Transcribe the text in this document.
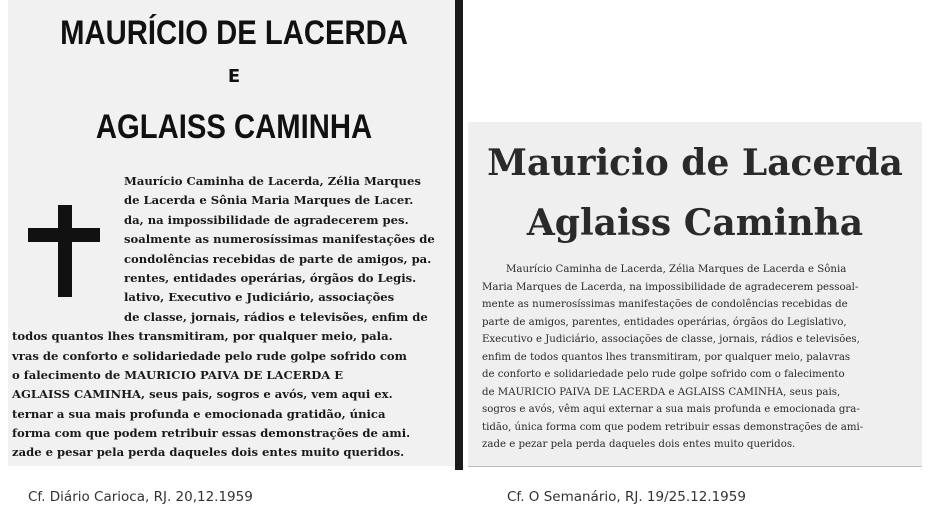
MAURÍCIO DE LACERDA
E
AGLAISS CAMINHA
Maurício Caminha de Lacerda, Zélia Marques
de Lacerda e Sônia Maria Marques de Lacer.
da, na impossibilidade de agradecerem pes.
soalmente as numerosíssimas manifestações de
condolências recebidas de parte de amigos, pa.
rentes, entidades operárias, órgãos do Legis.
lativo, Executivo e Judiciário, associações
de classe, jornais, rádios e televisões, enfim de
todos quantos lhes transmitiram, por qualquer meio, pala.
vras de conforto e solidariedade pelo rude golpe sofrido com
o falecimento de MAURICIO PAIVA DE LACERDA E
AGLAISS CAMINHA, seus pais, sogros e avós, vem aqui ex.
ternar a sua mais profunda e emocionada gratidão, única
forma com que podem retribuir essas demonstrações de ami.
zade e pesar pela perda daqueles dois entes muito queridos.
Mauricio de Lacerda
Aglaiss Caminha
Maurício Caminha de Lacerda, Zélia Marques de Lacerda e Sônia
Maria Marques de Lacerda, na impossibilidade de agradecerem pessoal-
mente as numerosíssimas manifestações de condolências recebidas de
parte de amigos, parentes, entidades operárias, órgãos do Legislativo,
Executivo e Judiciário, associações de classe, jornais, rádios e televisões,
enfim de todos quantos lhes transmitiram, por qualquer meio, palavras
de conforto e solidariedade pelo rude golpe sofrido com o falecimento
de MAURICIO PAIVA DE LACERDA e AGLAISS CAMINHA, seus pais,
sogros e avós, vêm aqui externar a sua mais profunda e emocionada gra-
tidão, única forma com que podem retribuir essas demonstrações de ami-
zade e pezar pela perda daqueles dois entes muito queridos.
Cf. Diário Carioca, RJ. 20,12.1959	Cf. O Semanário, RJ. 19/25.12.1959
